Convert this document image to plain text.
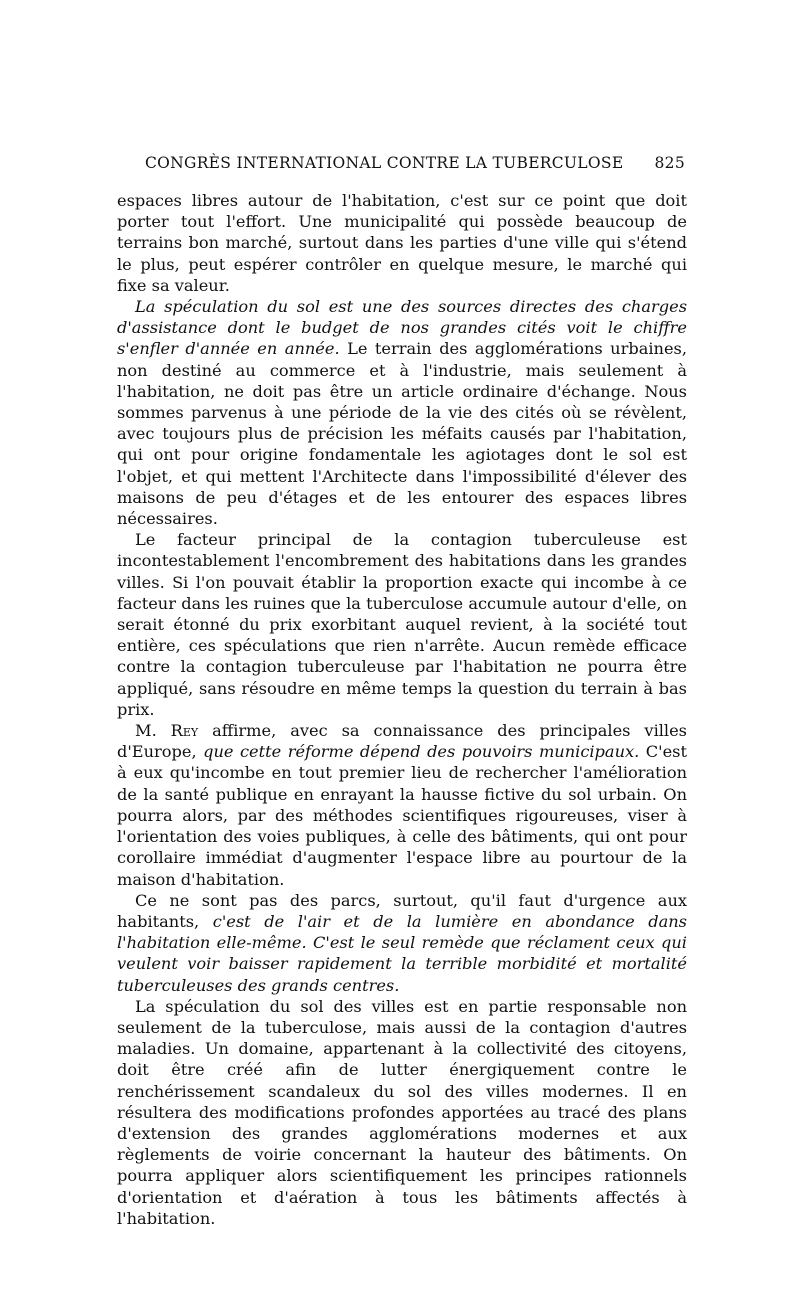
CONGRÈS INTERNATIONAL CONTRE LA TUBERCULOSE 825

espaces libres autour de l'habitation, c'est sur ce point que doit porter tout l'effort. Une municipalité qui possède beaucoup de terrains bon marché, surtout dans les parties d'une ville qui s'étend le plus, peut espérer contrôler en quelque mesure, le marché qui fixe sa valeur.

La spéculation du sol est une des sources directes des charges d'assistance dont le budget de nos grandes cités voit le chiffre s'enfler d'année en année. Le terrain des agglomérations urbaines, non destiné au commerce et à l'industrie, mais seulement à l'habitation, ne doit pas être un article ordinaire d'échange. Nous sommes parvenus à une période de la vie des cités où se révèlent, avec toujours plus de précision les méfaits causés par l'habitation, qui ont pour origine fondamentale les agiotages dont le sol est l'objet, et qui mettent l'Architecte dans l'impossibilité d'élever des maisons de peu d'étages et de les entourer des espaces libres nécessaires.

Le facteur principal de la contagion tuberculeuse est incontestablement l'encombrement des habitations dans les grandes villes. Si l'on pouvait établir la proportion exacte qui incombe à ce facteur dans les ruines que la tuberculose accumule autour d'elle, on serait étonné du prix exorbitant auquel revient, à la société tout entière, ces spéculations que rien n'arrête. Aucun remède efficace contre la contagion tuberculeuse par l'habitation ne pourra être appliqué, sans résoudre en même temps la question du terrain à bas prix.

M. Rey affirme, avec sa connaissance des principales villes d'Europe, que cette réforme dépend des pouvoirs municipaux. C'est à eux qu'incombe en tout premier lieu de rechercher l'amélioration de la santé publique en enrayant la hausse fictive du sol urbain. On pourra alors, par des méthodes scientifiques rigoureuses, viser à l'orientation des voies publiques, à celle des bâtiments, qui ont pour corollaire immédiat d'augmenter l'espace libre au pourtour de la maison d'habitation.

Ce ne sont pas des parcs, surtout, qu'il faut d'urgence aux habitants, c'est de l'air et de la lumière en abondance dans l'habitation elle-même. C'est le seul remède que réclament ceux qui veulent voir baisser rapidement la terrible morbidité et mortalité tuberculeuses des grands centres.

La spéculation du sol des villes est en partie responsable non seulement de la tuberculose, mais aussi de la contagion d'autres maladies. Un domaine, appartenant à la collectivité des citoyens, doit être créé afin de lutter énergiquement contre le renchérissement scandaleux du sol des villes modernes. Il en résultera des modifications profondes apportées au tracé des plans d'extension des grandes agglomérations modernes et aux règlements de voirie concernant la hauteur des bâtiments. On pourra appliquer alors scientifiquement les principes rationnels d'orientation et d'aération à tous les bâtiments affectés à l'habitation.
